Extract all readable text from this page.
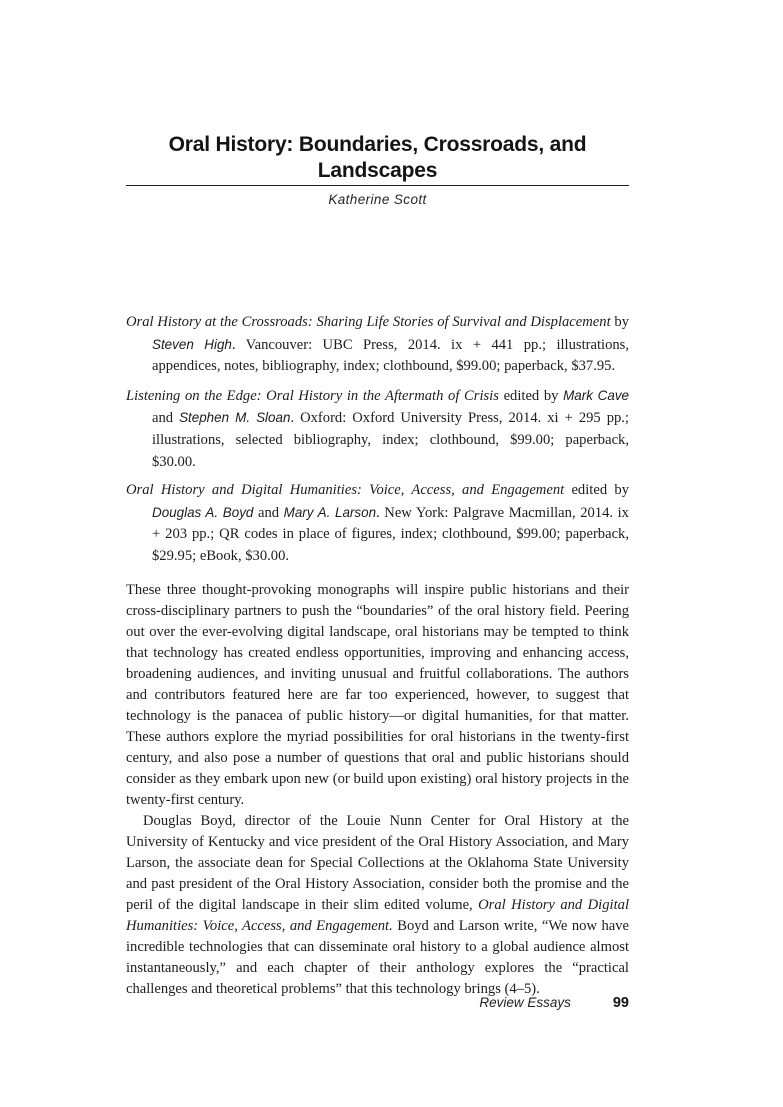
Oral History: Boundaries, Crossroads, and Landscapes
Katherine Scott

Oral History at the Crossroads: Sharing Life Stories of Survival and Displacement by Steven High. Vancouver: UBC Press, 2014. ix + 441 pp.; illustrations, appendices, notes, bibliography, index; clothbound, $99.00; paperback, $37.95.

Listening on the Edge: Oral History in the Aftermath of Crisis edited by Mark Cave and Stephen M. Sloan. Oxford: Oxford University Press, 2014. xi + 295 pp.; illustrations, selected bibliography, index; clothbound, $99.00; paperback, $30.00.

Oral History and Digital Humanities: Voice, Access, and Engagement edited by Douglas A. Boyd and Mary A. Larson. New York: Palgrave Macmillan, 2014. ix + 203 pp.; QR codes in place of figures, index; clothbound, $99.00; paperback, $29.95; eBook, $30.00.

These three thought-provoking monographs will inspire public historians and their cross-disciplinary partners to push the “boundaries” of the oral history field. Peering out over the ever-evolving digital landscape, oral historians may be tempted to think that technology has created endless opportunities, improving and enhancing access, broadening audiences, and inviting unusual and fruitful collaborations. The authors and contributors featured here are far too experienced, however, to suggest that technology is the panacea of public history—or digital humanities, for that matter. These authors explore the myriad possibilities for oral historians in the twenty-first century, and also pose a number of questions that oral and public historians should consider as they embark upon new (or build upon existing) oral history projects in the twenty-first century.

Douglas Boyd, director of the Louie Nunn Center for Oral History at the University of Kentucky and vice president of the Oral History Association, and Mary Larson, the associate dean for Special Collections at the Oklahoma State University and past president of the Oral History Association, consider both the promise and the peril of the digital landscape in their slim edited volume, Oral History and Digital Humanities: Voice, Access, and Engagement. Boyd and Larson write, “We now have incredible technologies that can disseminate oral history to a global audience almost instantaneously,” and each chapter of their anthology explores the “practical challenges and theoretical problems” that this technology brings (4–5).

Review Essays	99
